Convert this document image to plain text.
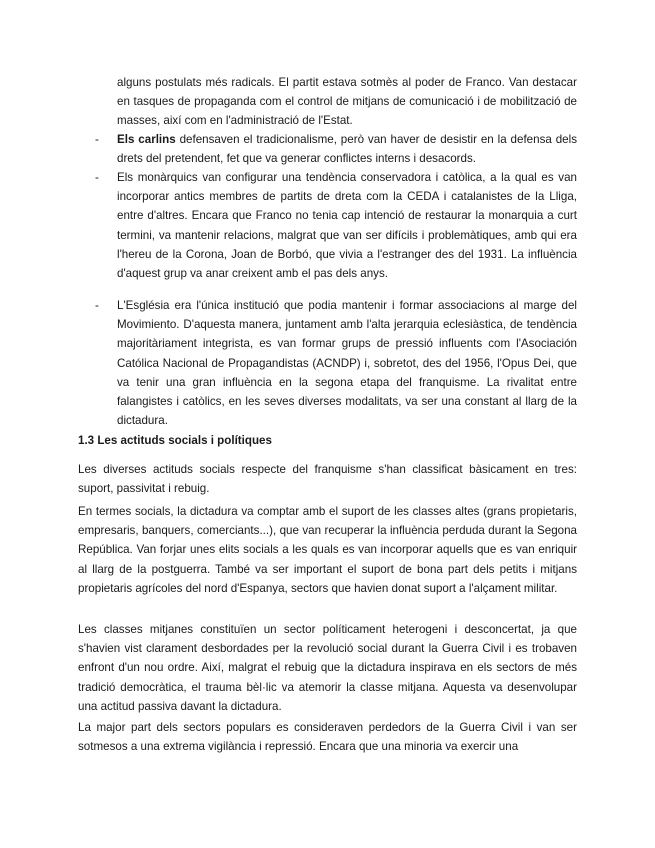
alguns postulats més radicals. El partit estava sotmès al poder de Franco. Van destacar en tasques de propaganda com el control de mitjans de comunicació i de mobilització de masses, així com en l'administració de l'Estat.
-	Els carlins defensaven el tradicionalisme, però van haver de desistir en la defensa dels drets del pretendent, fet que va generar conflictes interns i desacords.
-	Els monàrquics van configurar una tendència conservadora i catòlica, a la qual es van incorporar antics membres de partits de dreta com la CEDA i catalanistes de la Lliga, entre d'altres. Encara que Franco no tenia cap intenció de restaurar la monarquia a curt termini, va mantenir relacions, malgrat que van ser difícils i problemàtiques, amb qui era l'hereu de la Corona, Joan de Borbó, que vivia a l'estranger des del 1931. La influència d'aquest grup va anar creixent amb el pas dels anys.
-	L'Església era l'única institució que podia mantenir i formar associacions al marge del Movimiento. D'aquesta manera, juntament amb l'alta jerarquia eclesiàstica, de tendència majoritàriament integrista, es van formar grups de pressió influents com l'Asociación Católica Nacional de Propagandistas (ACNDP) i, sobretot, des del 1956, l'Opus Dei, que va tenir una gran influència en la segona etapa del franquisme. La rivalitat entre falangistes i catòlics, en les seves diverses modalitats, va ser una constant al llarg de la dictadura.
1.3 Les actituds socials i polítiques
Les diverses actituds socials respecte del franquisme s'han classificat bàsicament en tres: suport, passivitat i rebuig.
En termes socials, la dictadura va comptar amb el suport de les classes altes (grans propietaris, empresaris, banquers, comerciants...), que van recuperar la influència perduda durant la Segona República. Van forjar unes elits socials a les quals es van incorporar aquells que es van enriquir al llarg de la postguerra. També va ser important el suport de bona part dels petits i mitjans propietaris agrícoles del nord d'Espanya, sectors que havien donat suport a l'alçament militar.
Les classes mitjanes constituïen un sector políticament heterogeni i desconcertat, ja que s'havien vist clarament desbordades per la revolució social durant la Guerra Civil i es trobaven enfront d'un nou ordre. Així, malgrat el rebuig que la dictadura inspirava en els sectors de més tradició democràtica, el trauma bèl·lic va atemorir la classe mitjana. Aquesta va desenvolupar una actitud passiva davant la dictadura.
La major part dels sectors populars es consideraven perdedors de la Guerra Civil i van ser sotmesos a una extrema vigilància i repressió. Encara que una minoria va exercir una
